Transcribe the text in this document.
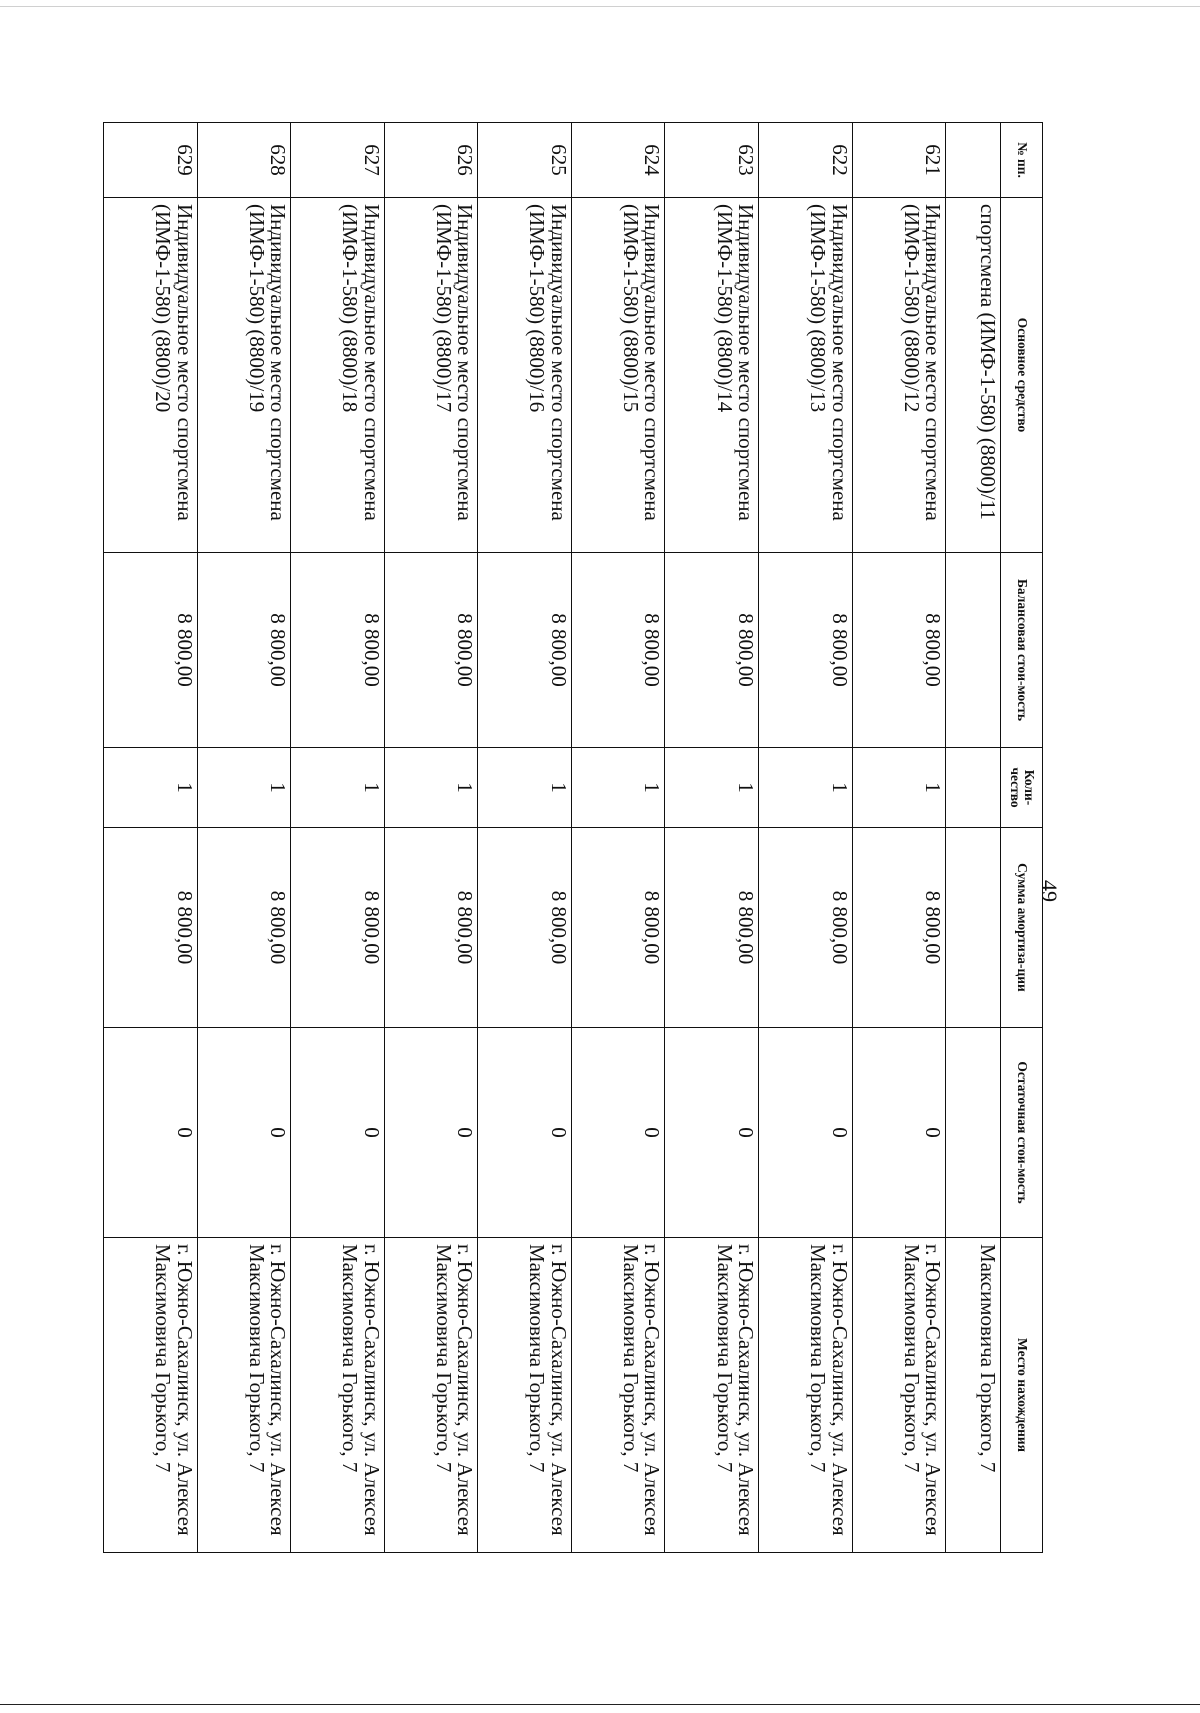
49
№ пп.	Основное средство	Балансовая стои-мость	Коли-чество	Сумма амортиза-ции	Остаточная стои-мость	Место нахождения
	спортсмена (ИМФ-1-580) (8800)/11					Максимовича Горького, 7
621	Индивидуальное место спортсмена (ИМФ-1-580) (8800)/12	8 800,00	1	8 800,00	0	г. Южно-Сахалинск, ул. Алексея Максимовича Горького, 7
622	Индивидуальное место спортсмена (ИМФ-1-580) (8800)/13	8 800,00	1	8 800,00	0	г. Южно-Сахалинск, ул. Алексея Максимовича Горького, 7
623	Индивидуальное место спортсмена (ИМФ-1-580) (8800)/14	8 800,00	1	8 800,00	0	г. Южно-Сахалинск, ул. Алексея Максимовича Горького, 7
624	Индивидуальное место спортсмена (ИМФ-1-580) (8800)/15	8 800,00	1	8 800,00	0	г. Южно-Сахалинск, ул. Алексея Максимовича Горького, 7
625	Индивидуальное место спортсмена (ИМФ-1-580) (8800)/16	8 800,00	1	8 800,00	0	г. Южно-Сахалинск, ул. Алексея Максимовича Горького, 7
626	Индивидуальное место спортсмена (ИМФ-1-580) (8800)/17	8 800,00	1	8 800,00	0	г. Южно-Сахалинск, ул. Алексея Максимовича Горького, 7
627	Индивидуальное место спортсмена (ИМФ-1-580) (8800)/18	8 800,00	1	8 800,00	0	г. Южно-Сахалинск, ул. Алексея Максимовича Горького, 7
628	Индивидуальное место спортсмена (ИМФ-1-580) (8800)/19	8 800,00	1	8 800,00	0	г. Южно-Сахалинск, ул. Алексея Максимовича Горького, 7
629	Индивидуальное место спортсмена (ИМФ-1-580) (8800)/20	8 800,00	1	8 800,00	0	г. Южно-Сахалинск, ул. Алексея Максимовича Горького, 7
